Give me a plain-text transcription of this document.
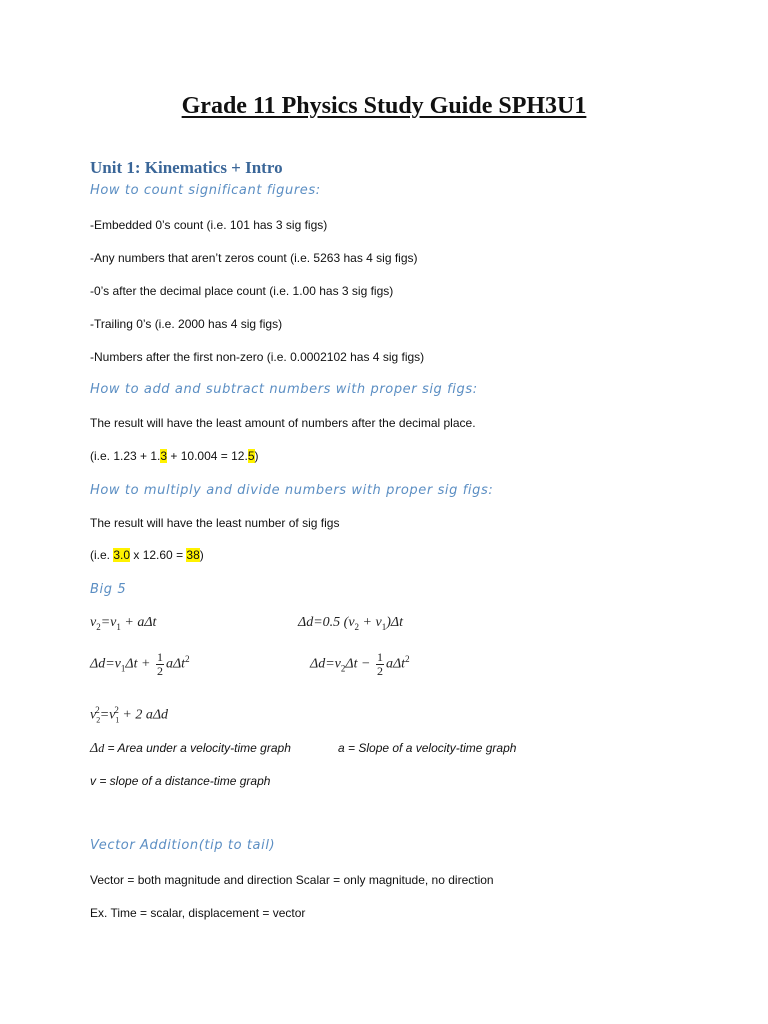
Grade 11 Physics Study Guide SPH3U1
Unit 1: Kinematics + Intro
How to count significant figures:
-Embedded 0’s count (i.e. 101 has 3 sig figs)
-Any numbers that aren’t zeros count (i.e. 5263 has 4 sig figs)
-0’s after the decimal place count (i.e. 1.00 has 3 sig figs)
-Trailing 0’s (i.e. 2000 has 4 sig figs)
-Numbers after the first non-zero (i.e. 0.0002102 has 4 sig figs)
How to add and subtract numbers with proper sig figs:
The result will have the least amount of numbers after the decimal place.
(i.e. 1.23 + 1.3 + 10.004 = 12.5)
How to multiply and divide numbers with proper sig figs:
The result will have the least number of sig figs
(i.e. 3.0 x 12.60 = 38)
Big 5
$v_2=v_1 + a\Delta t$	Δd=0.5 $(v_2 + v_1)\Delta t$
$\Delta d=v_1\Delta t + \frac{1}{2} a\Delta t^2$	$\Delta d=v_2\Delta t - \frac{1}{2} a\Delta t^2$
$v_2^2=v_1^2 + 2$ aΔd
Δd = Area under a velocity-time graph	a = Slope of a velocity-time graph
v = slope of a distance-time graph
Vector Addition(tip to tail)
Vector = both magnitude and direction Scalar = only magnitude, no direction
Ex. Time = scalar, displacement = vector
